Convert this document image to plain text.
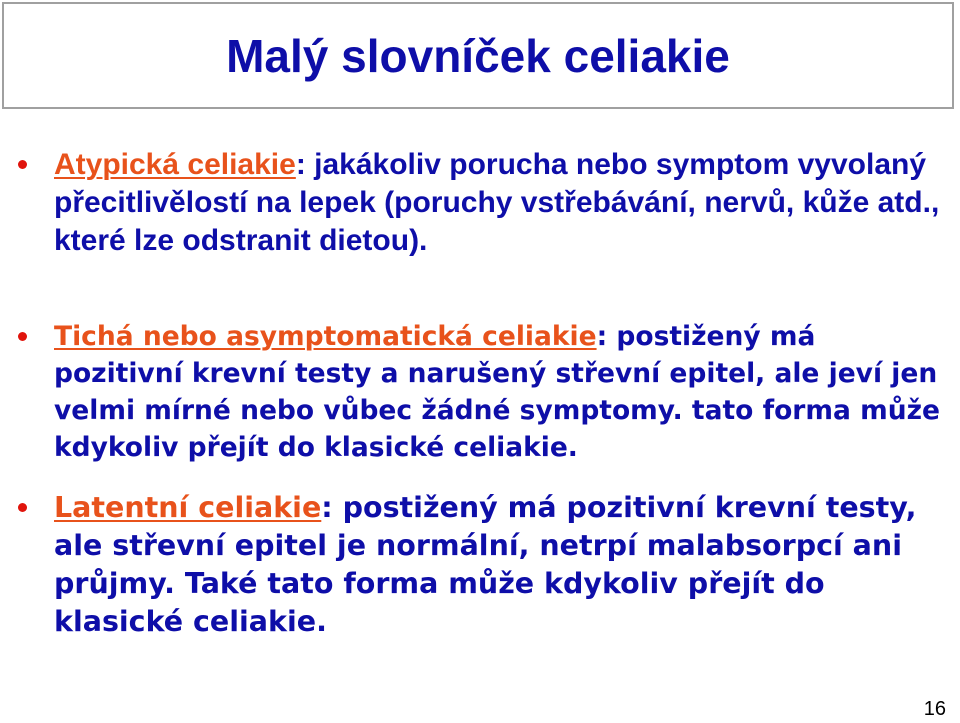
Malý slovníček celiakie

Atypická celiakie: jakákoliv porucha nebo symptom vyvolaný přecitlivělostí na lepek (poruchy vstřebávání, nervů, kůže atd., které lze odstranit dietou).

Tichá nebo asymptomatická celiakie: postižený má pozitivní krevní testy a narušený střevní epitel, ale jeví jen velmi mírné nebo vůbec žádné symptomy. tato forma může kdykoliv přejít do klasické celiakie.

Latentní celiakie: postižený má pozitivní krevní testy, ale střevní epitel je normální, netrpí malabsorpcí ani průjmy. Také tato forma může kdykoliv přejít do klasické celiakie.

16
